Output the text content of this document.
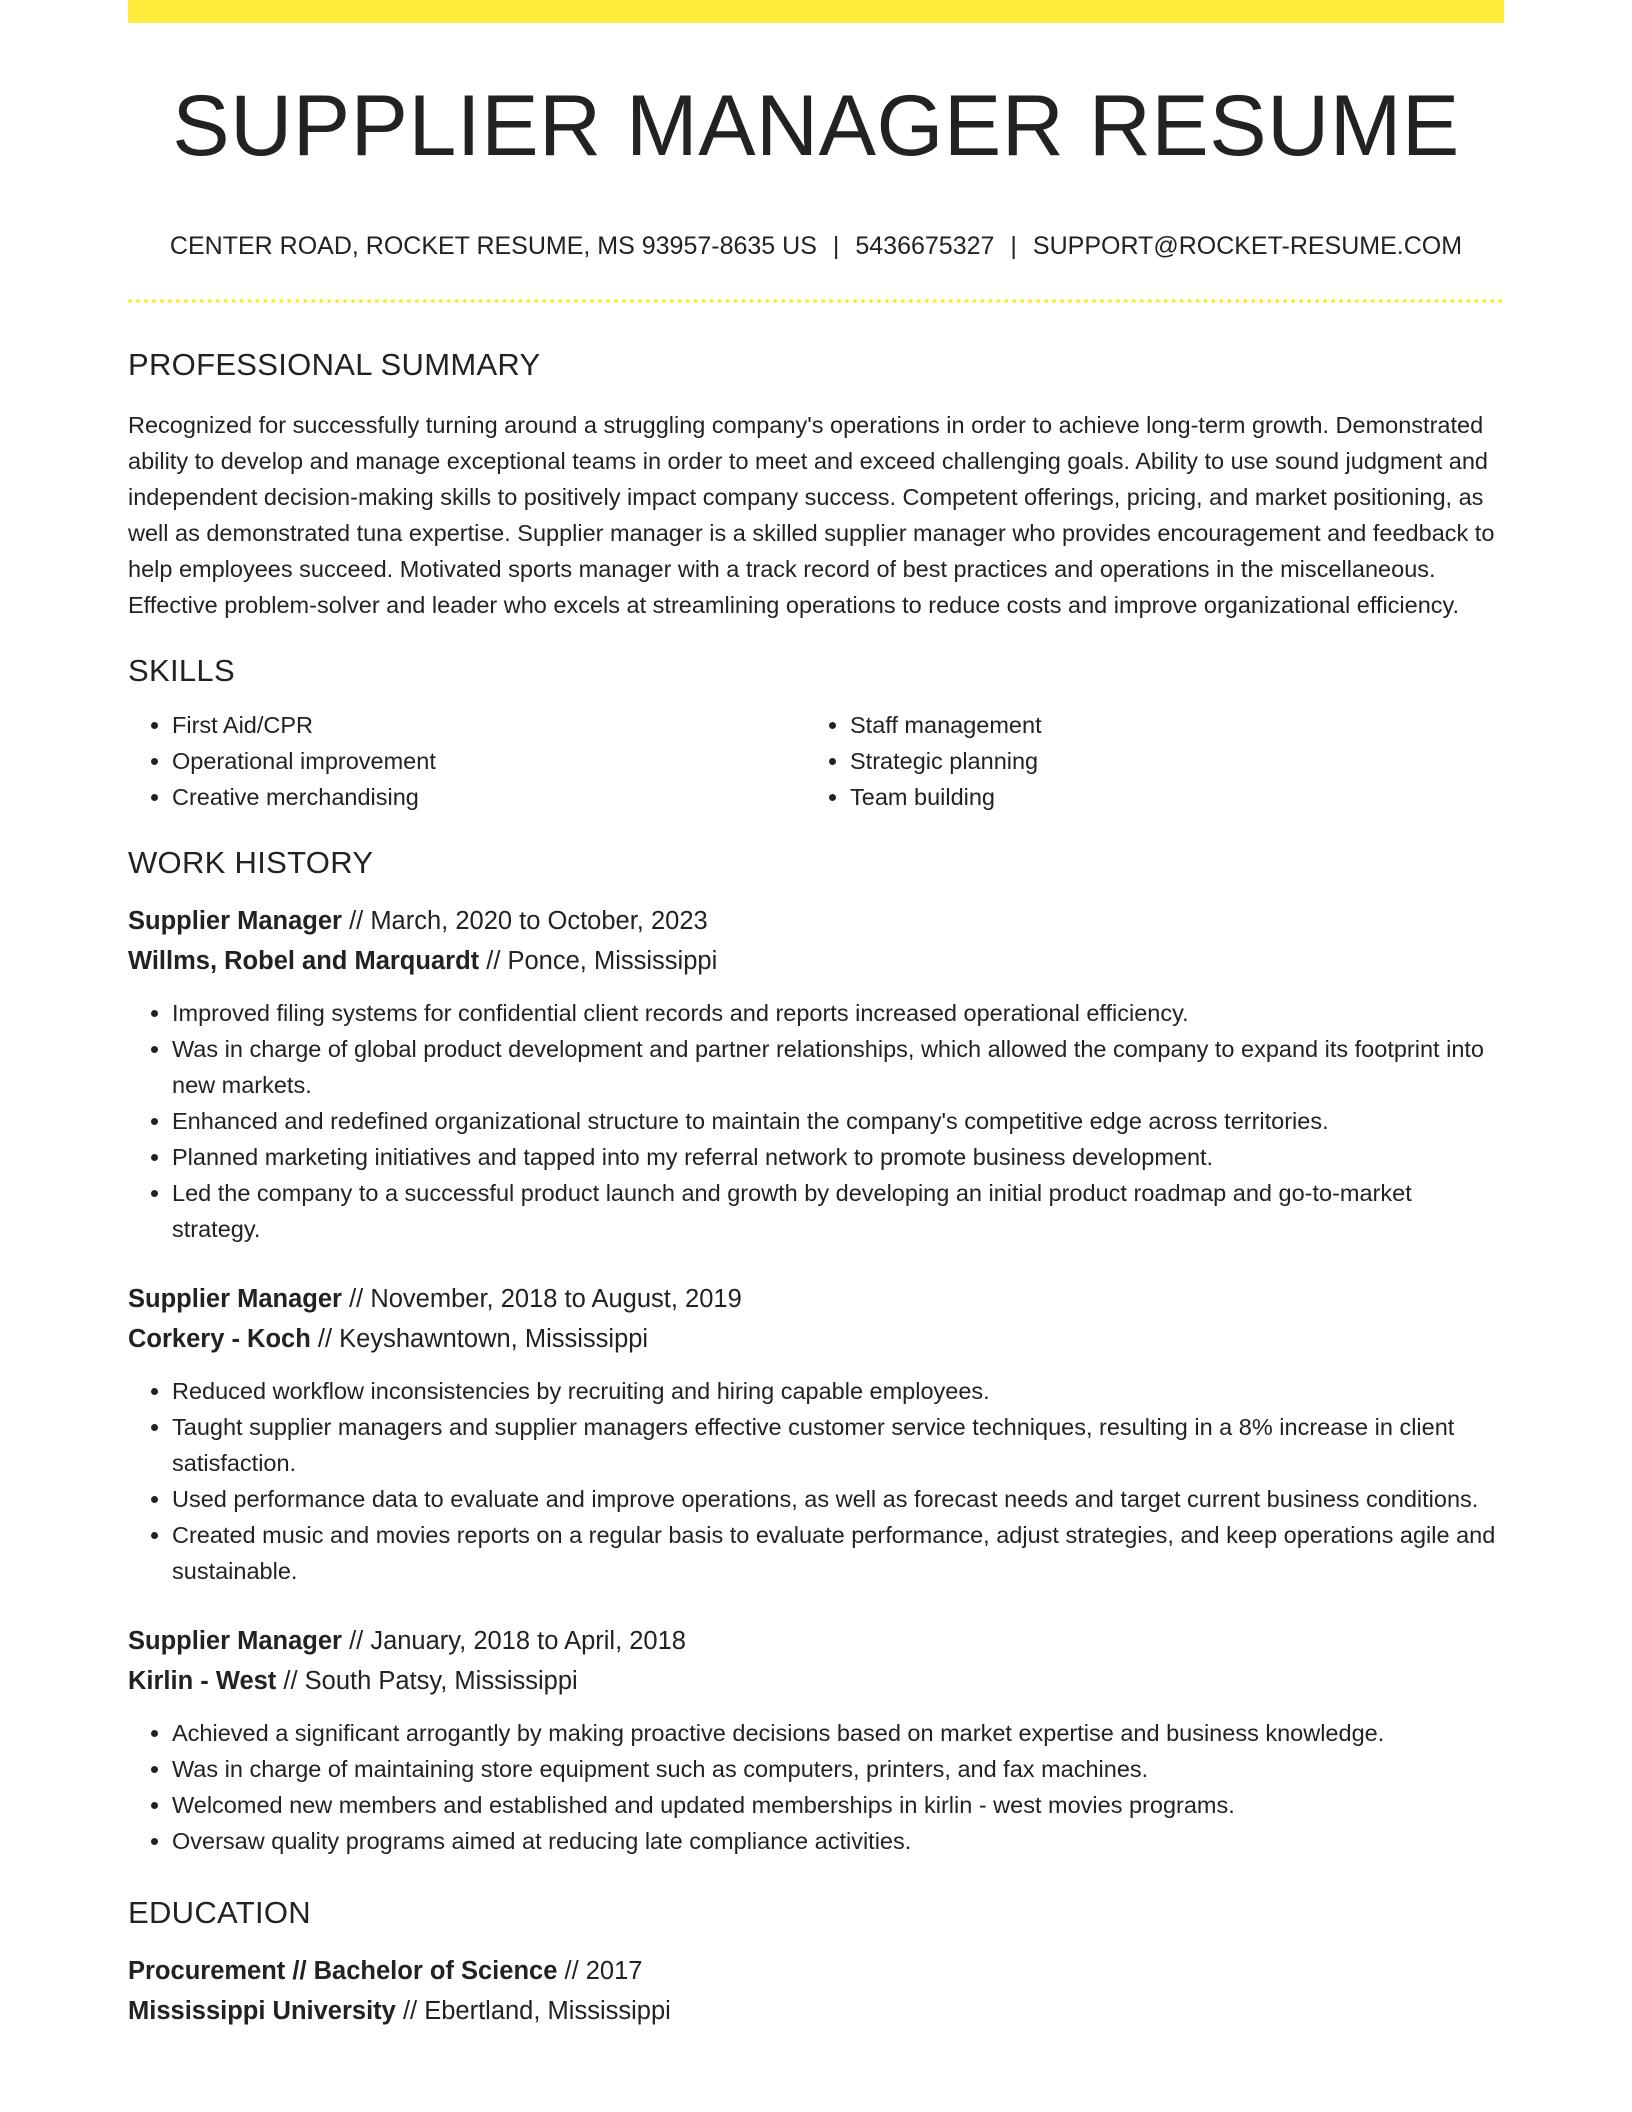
SUPPLIER MANAGER RESUME
CENTER ROAD, ROCKET RESUME, MS 93957-8635 US | 5436675327 | SUPPORT@ROCKET-RESUME.COM
PROFESSIONAL SUMMARY

Recognized for successfully turning around a struggling company's operations in order to achieve long-term growth. Demonstrated ability to develop and manage exceptional teams in order to meet and exceed challenging goals. Ability to use sound judgment and independent decision-making skills to positively impact company success. Competent offerings, pricing, and market positioning, as well as demonstrated tuna expertise. Supplier manager is a skilled supplier manager who provides encouragement and feedback to help employees succeed. Motivated sports manager with a track record of best practices and operations in the miscellaneous. Effective problem-solver and leader who excels at streamlining operations to reduce costs and improve organizational efficiency.

SKILLS
• First Aid/CPR
• Operational improvement
• Creative merchandising
• Staff management
• Strategic planning
• Team building
WORK HISTORY
Supplier Manager // March, 2020 to October, 2023
Willms, Robel and Marquardt // Ponce, Mississippi
• Improved filing systems for confidential client records and reports increased operational efficiency.
• Was in charge of global product development and partner relationships, which allowed the company to expand its footprint into new markets.
• Enhanced and redefined organizational structure to maintain the company's competitive edge across territories.
• Planned marketing initiatives and tapped into my referral network to promote business development.
• Led the company to a successful product launch and growth by developing an initial product roadmap and go-to-market strategy.
Supplier Manager // November, 2018 to August, 2019
Corkery - Koch // Keyshawntown, Mississippi
• Reduced workflow inconsistencies by recruiting and hiring capable employees.
• Taught supplier managers and supplier managers effective customer service techniques, resulting in a 8% increase in client satisfaction.
• Used performance data to evaluate and improve operations, as well as forecast needs and target current business conditions.
• Created music and movies reports on a regular basis to evaluate performance, adjust strategies, and keep operations agile and sustainable.
Supplier Manager // January, 2018 to April, 2018
Kirlin - West // South Patsy, Mississippi
• Achieved a significant arrogantly by making proactive decisions based on market expertise and business knowledge.
• Was in charge of maintaining store equipment such as computers, printers, and fax machines.
• Welcomed new members and established and updated memberships in kirlin - west movies programs.
• Oversaw quality programs aimed at reducing late compliance activities.
EDUCATION
Procurement // Bachelor of Science // 2017
Mississippi University // Ebertland, Mississippi
